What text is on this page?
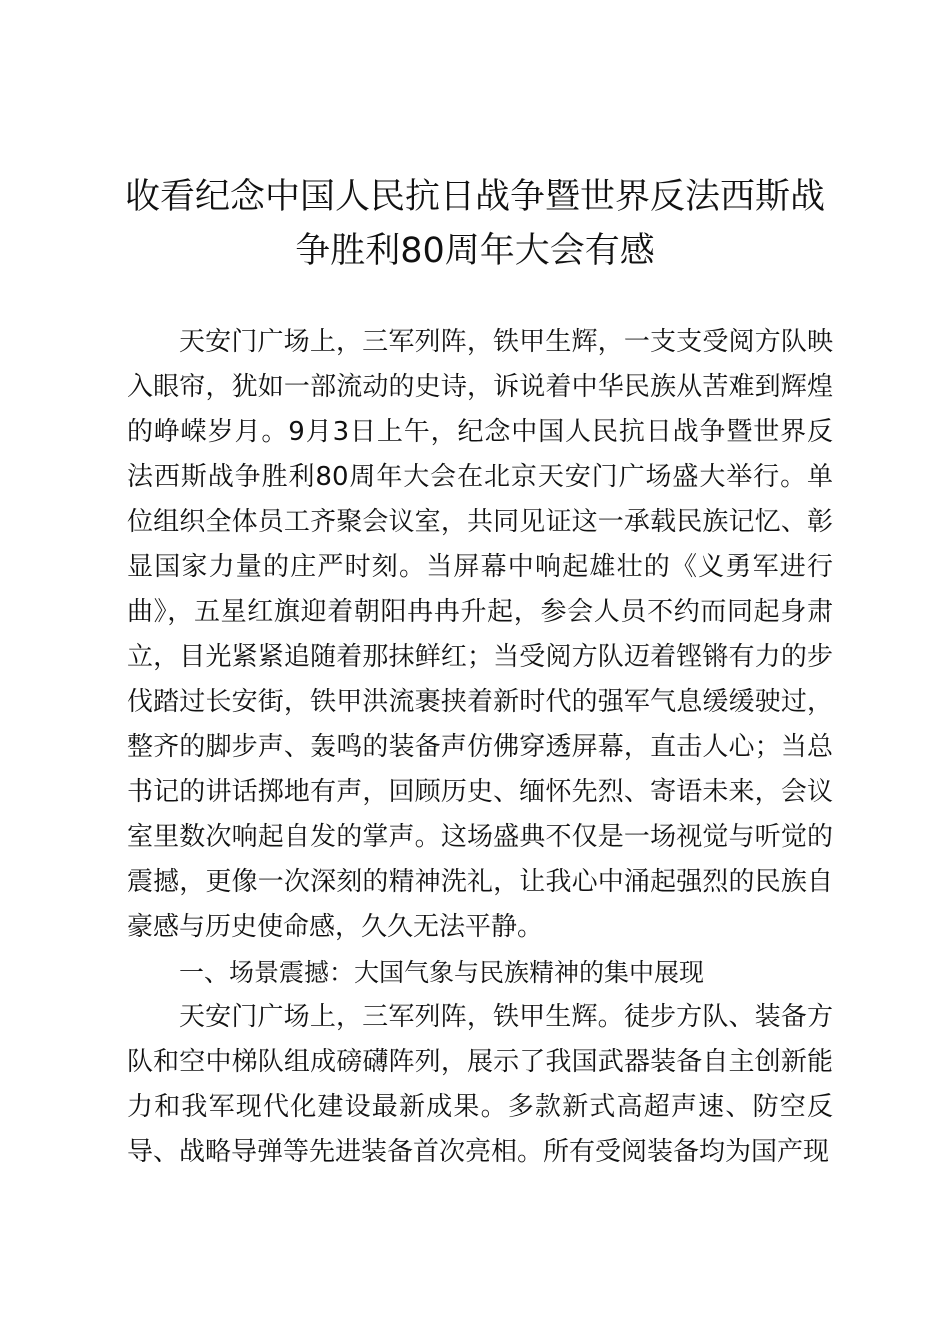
收看纪念中国人民抗日战争暨世界反法西斯战争胜利80周年大会有感

天安门广场上，三军列阵，铁甲生辉，一支支受阅方队映入眼帘，犹如一部流动的史诗，诉说着中华民族从苦难到辉煌的峥嵘岁月。9月3日上午，纪念中国人民抗日战争暨世界反法西斯战争胜利80周年大会在北京天安门广场盛大举行。单位组织全体员工齐聚会议室，共同见证这一承载民族记忆、彰显国家力量的庄严时刻。当屏幕中响起雄壮的《义勇军进行曲》，五星红旗迎着朝阳冉冉升起，参会人员不约而同起身肃立，目光紧紧追随着那抹鲜红；当受阅方队迈着铿锵有力的步伐踏过长安街，铁甲洪流裹挟着新时代的强军气息缓缓驶过，整齐的脚步声、轰鸣的装备声仿佛穿透屏幕，直击人心；当总书记的讲话掷地有声，回顾历史、缅怀先烈、寄语未来，会议室里数次响起自发的掌声。这场盛典不仅是一场视觉与听觉的震撼，更像一次深刻的精神洗礼，让我心中涌起强烈的民族自豪感与历史使命感，久久无法平静。

一、场景震撼：大国气象与民族精神的集中展现

天安门广场上，三军列阵，铁甲生辉。徒步方队、装备方队和空中梯队组成磅礴阵列，展示了我国武器装备自主创新能力和我军现代化建设最新成果。多款新式高超声速、防空反导、战略导弹等先进装备首次亮相。所有受阅装备均为国产现
